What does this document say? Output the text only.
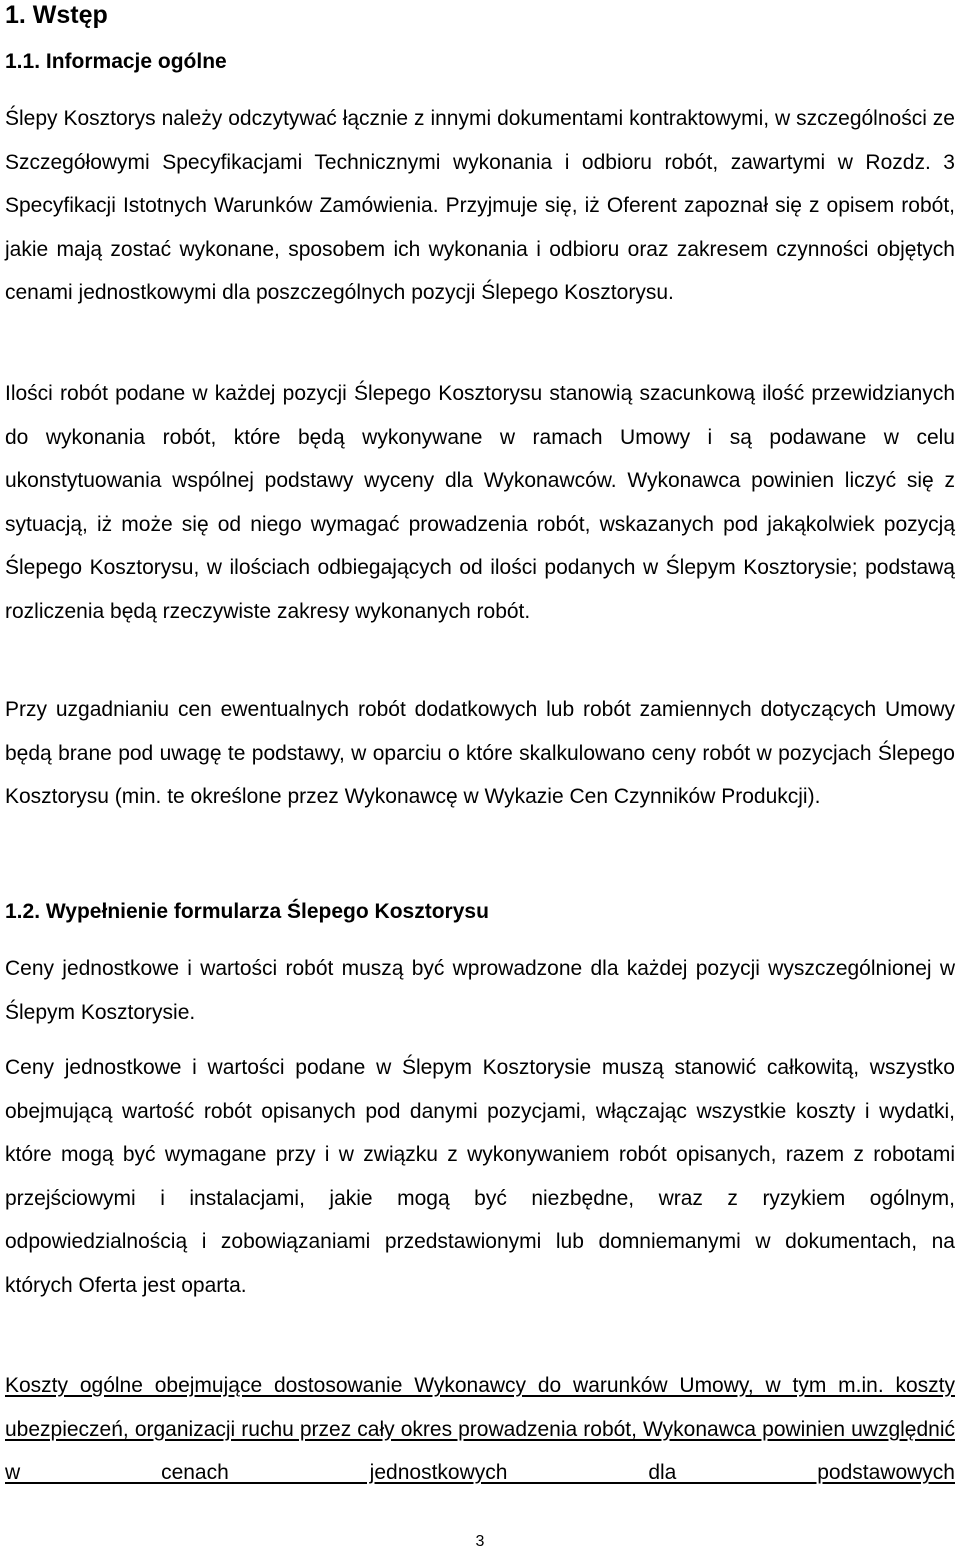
1. Wstęp
1.1. Informacje ogólne

Ślepy Kosztorys należy odczytywać łącznie z innymi dokumentami kontraktowymi, w szczególności ze Szczegółowymi Specyfikacjami Technicznymi wykonania i odbioru robót, zawartymi w Rozdz. 3 Specyfikacji Istotnych Warunków Zamówienia. Przyjmuje się, iż Oferent zapoznał się z opisem robót, jakie mają zostać wykonane, sposobem ich wykonania i odbioru oraz zakresem czynności objętych cenami jednostkowymi dla poszczególnych pozycji Ślepego Kosztorysu.

Ilości robót podane w każdej pozycji Ślepego Kosztorysu stanowią szacunkową ilość przewidzianych do wykonania robót, które będą wykonywane w ramach Umowy i są podawane w celu ukonstytuowania wspólnej podstawy wyceny dla Wykonawców. Wykonawca powinien liczyć się z sytuacją, iż może się od niego wymagać prowadzenia robót, wskazanych pod jakąkolwiek pozycją Ślepego Kosztorysu, w ilościach odbiegających od ilości podanych w Ślepym Kosztorysie; podstawą rozliczenia będą rzeczywiste zakresy wykonanych robót.

Przy uzgadnianiu cen ewentualnych robót dodatkowych lub robót zamiennych dotyczących Umowy będą brane pod uwagę te podstawy, w oparciu o które skalkulowano ceny robót w pozycjach Ślepego Kosztorysu (min. te określone przez Wykonawcę w Wykazie Cen Czynników Produkcji).

1.2. Wypełnienie formularza Ślepego Kosztorysu

Ceny jednostkowe i wartości robót muszą być wprowadzone dla każdej pozycji wyszczególnionej w Ślepym Kosztorysie.

Ceny jednostkowe i wartości podane w Ślepym Kosztorysie muszą stanowić całkowitą, wszystko obejmującą wartość robót opisanych pod danymi pozycjami, włączając wszystkie koszty i wydatki, które mogą być wymagane przy i w związku z wykonywaniem robót opisanych, razem z robotami przejściowymi i instalacjami, jakie mogą być niezbędne, wraz z ryzykiem ogólnym, odpowiedzialnością i zobowiązaniami przedstawionymi lub domniemanymi w dokumentach, na których Oferta jest oparta.

Koszty ogólne obejmujące dostosowanie Wykonawcy do warunków Umowy, w tym m.in. koszty ubezpieczeń, organizacji ruchu przez cały okres prowadzenia robót, Wykonawca powinien uwzględnić w cenach jednostkowych dla podstawowych

3
